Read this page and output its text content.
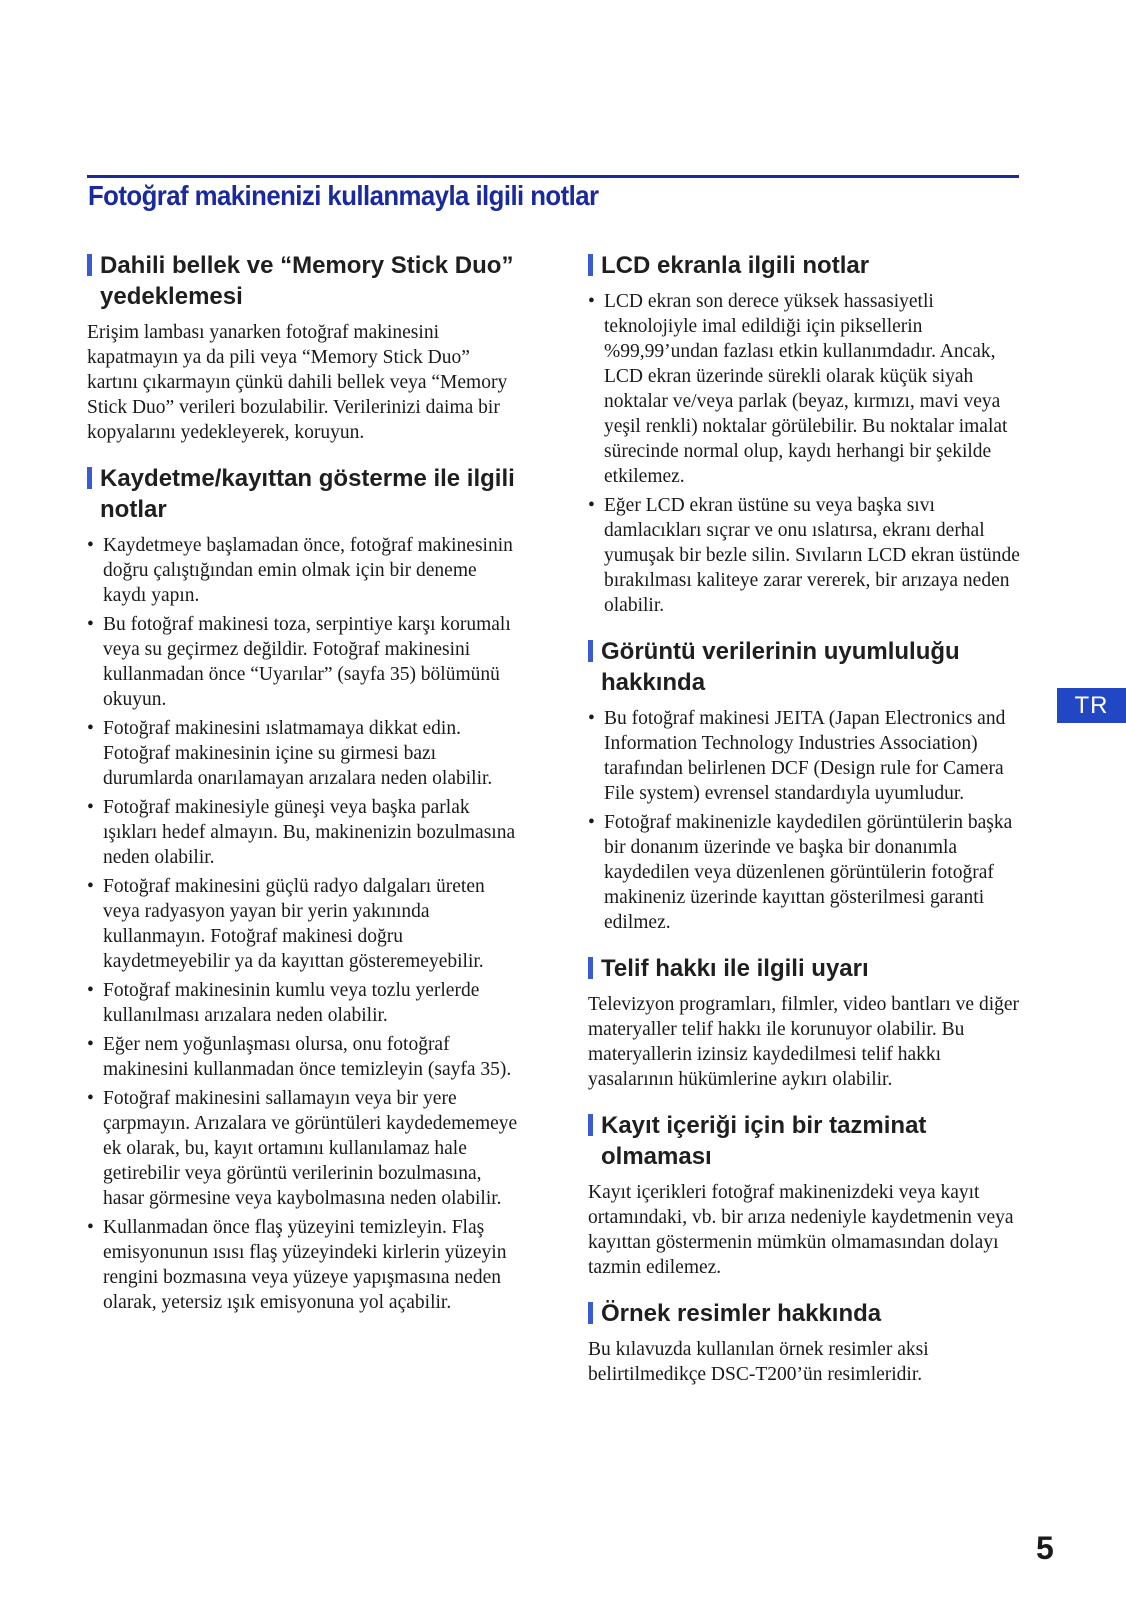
Fotoğraf makinenizi kullanmayla ilgili notlar
Dahili bellek ve “Memory Stick Duo” yedeklemesi

Erişim lambası yanarken fotoğraf makinesini kapatmayın ya da pili veya “Memory Stick Duo” kartını çıkarmayın çünkü dahili bellek veya “Memory Stick Duo” verileri bozulabilir. Verilerinizi daima bir kopyalarını yedekleyerek, koruyun.

Kaydetme/kayıttan gösterme ile ilgili notlar
• Kaydetmeye başlamadan önce, fotoğraf makinesinin doğru çalıştığından emin olmak için bir deneme kaydı yapın.
• Bu fotoğraf makinesi toza, serpintiye karşı korumalı veya su geçirmez değildir. Fotoğraf makinesini kullanmadan önce “Uyarılar” (sayfa 35) bölümünü okuyun.
• Fotoğraf makinesini ıslatmamaya dikkat edin. Fotoğraf makinesinin içine su girmesi bazı durumlarda onarılamayan arızalara neden olabilir.
• Fotoğraf makinesiyle güneşi veya başka parlak ışıkları hedef almayın. Bu, makinenizin bozulmasına neden olabilir.
• Fotoğraf makinesini güçlü radyo dalgaları üreten veya radyasyon yayan bir yerin yakınında kullanmayın. Fotoğraf makinesi doğru kaydetmeyebilir ya da kayıttan gösteremeyebilir.
• Fotoğraf makinesinin kumlu veya tozlu yerlerde kullanılması arızalara neden olabilir.
• Eğer nem yoğunlaşması olursa, onu fotoğraf makinesini kullanmadan önce temizleyin (sayfa 35).
• Fotoğraf makinesini sallamayın veya bir yere çarpmayın. Arızalara ve görüntüleri kaydedememeye ek olarak, bu, kayıt ortamını kullanılamaz hale getirebilir veya görüntü verilerinin bozulmasına, hasar görmesine veya kaybolmasına neden olabilir.
• Kullanmadan önce flaş yüzeyini temizleyin. Flaş emisyonunun ısısı flaş yüzeyindeki kirlerin yüzeyin rengini bozmasına veya yüzeye yapışmasına neden olarak, yetersiz ışık emisyonuna yol açabilir.
LCD ekranla ilgili notlar
• LCD ekran son derece yüksek hassasiyetli teknolojiyle imal edildiği için piksellerin %99,99’undan fazlası etkin kullanımdadır. Ancak, LCD ekran üzerinde sürekli olarak küçük siyah noktalar ve/veya parlak (beyaz, kırmızı, mavi veya yeşil renkli) noktalar görülebilir. Bu noktalar imalat sürecinde normal olup, kaydı herhangi bir şekilde etkilemez.
• Eğer LCD ekran üstüne su veya başka sıvı damlacıkları sıçrar ve onu ıslatırsa, ekranı derhal yumuşak bir bezle silin. Sıvıların LCD ekran üstünde bırakılması kaliteye zarar vererek, bir arızaya neden olabilir.
Görüntü verilerinin uyumluluğu hakkında
• Bu fotoğraf makinesi JEITA (Japan Electronics and Information Technology Industries Association) tarafından belirlenen DCF (Design rule for Camera File system) evrensel standardıyla uyumludur.
• Fotoğraf makinenizle kaydedilen görüntülerin başka bir donanım üzerinde ve başka bir donanımla kaydedilen veya düzenlenen görüntülerin fotoğraf makineniz üzerinde kayıttan gösterilmesi garanti edilmez.
Telif hakkı ile ilgili uyarı

Televizyon programları, filmler, video bantları ve diğer materyaller telif hakkı ile korunuyor olabilir. Bu materyallerin izinsiz kaydedilmesi telif hakkı yasalarının hükümlerine aykırı olabilir.

Kayıt içeriği için bir tazminat olmaması

Kayıt içerikleri fotoğraf makinenizdeki veya kayıt ortamındaki, vb. bir arıza nedeniyle kaydetmenin veya kayıttan göstermenin mümkün olmamasından dolayı tazmin edilemez.

Örnek resimler hakkında

Bu kılavuzda kullanılan örnek resimler aksi belirtilmedikçe DSC-T200’ün resimleridir.

TR
5
